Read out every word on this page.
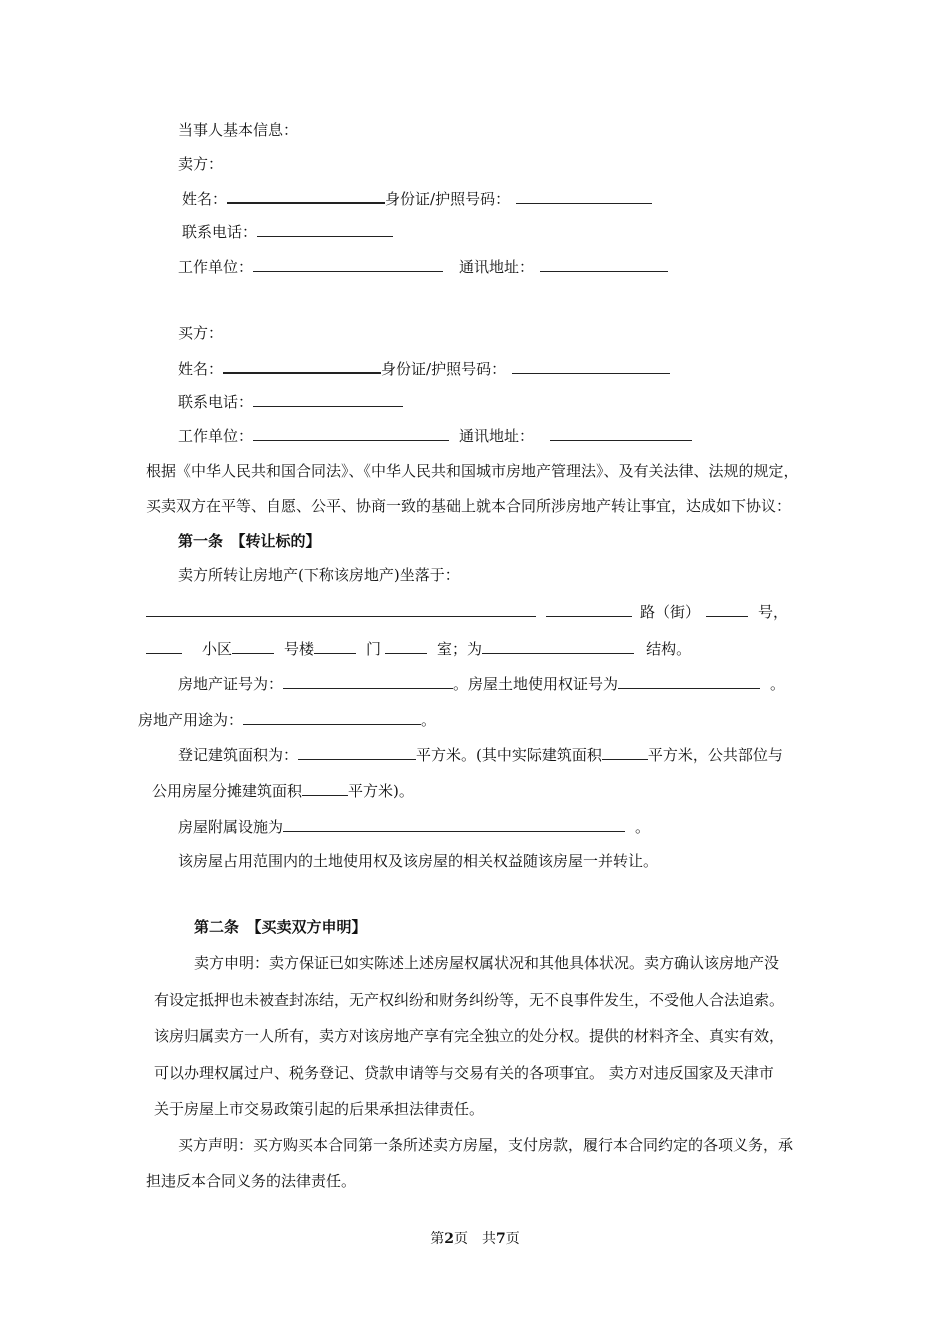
当事人基本信息：
卖方：
姓名：	身份证/护照号码：
联系电话：
工作单位：	通讯地址：
买方：
姓名：	身份证/护照号码：
联系电话：
工作单位：	通讯地址：
根据《中华人民共和国合同法》、《中华人民共和国城市房地产管理法》、及有关法律、法规的规定，
买卖双方在平等、自愿、公平、协商一致的基础上就本合同所涉房地产转让事宜，达成如下协议：
第一条　【转让标的】
卖方所转让房地产(下称该房地产)坐落于：
路（街）	号，
小区	号楼	门	室；为	结构。
房地产证号为：	。房屋土地使用权证号为	。
房地产用途为：	。
登记建筑面积为：	平方米。(其中实际建筑面积	平方米，公共部位与
公用房屋分摊建筑面积	平方米)。
房屋附属设施为	。
该房屋占用范围内的土地使用权及该房屋的相关权益随该房屋一并转让。
第二条　【买卖双方申明】
卖方申明：卖方保证已如实陈述上述房屋权属状况和其他具体状况。卖方确认该房地产没
有设定抵押也未被查封冻结，无产权纠纷和财务纠纷等，无不良事件发生，不受他人合法追索。
该房归属卖方一人所有，卖方对该房地产享有完全独立的处分权。提供的材料齐全、真实有效，
可以办理权属过户、税务登记、贷款申请等与交易有关的各项事宜。 卖方对违反国家及天津市
关于房屋上市交易政策引起的后果承担法律责任。
买方声明：买方购买本合同第一条所述卖方房屋，支付房款，履行本合同约定的各项义务，承
担违反本合同义务的法律责任。
第2页　共7页
